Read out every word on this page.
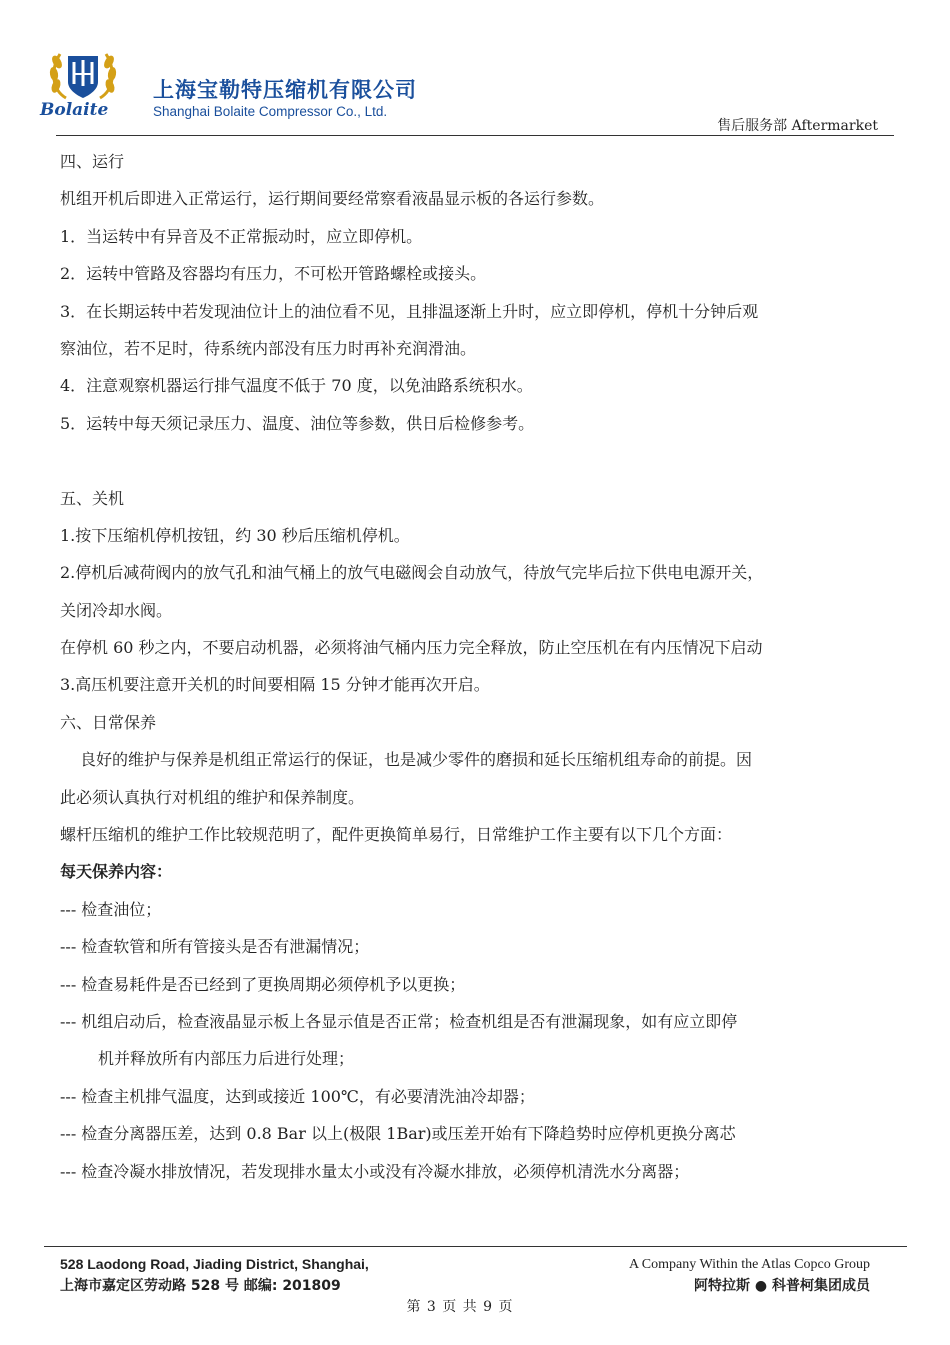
Bolaite
上海宝勒特压缩机有限公司
Shanghai Bolaite Compressor Co., Ltd.
售后服务部 Aftermarket
四、运行
机组开机后即进入正常运行，运行期间要经常察看液晶显示板的各运行参数。
1．当运转中有异音及不正常振动时，应立即停机。
2．运转中管路及容器均有压力，不可松开管路螺栓或接头。
3．在长期运转中若发现油位计上的油位看不见，且排温逐渐上升时，应立即停机，停机十分钟后观
察油位，若不足时，待系统内部没有压力时再补充润滑油。
4．注意观察机器运行排气温度不低于 70 度，以免油路系统积水。
5．运转中每天须记录压力、温度、油位等参数，供日后检修参考。
五、关机
1.按下压缩机停机按钮，约 30 秒后压缩机停机。
2.停机后减荷阀内的放气孔和油气桶上的放气电磁阀会自动放气，待放气完毕后拉下供电电源开关，
关闭冷却水阀。
在停机 60 秒之内，不要启动机器，必须将油气桶内压力完全释放，防止空压机在有内压情况下启动
3.高压机要注意开关机的时间要相隔 15 分钟才能再次开启。
六、日常保养
良好的维护与保养是机组正常运行的保证，也是减少零件的磨损和延长压缩机组寿命的前提。因
此必须认真执行对机组的维护和保养制度。
螺杆压缩机的维护工作比较规范明了，配件更换简单易行，日常维护工作主要有以下几个方面：
每天保养内容：
--- 检查油位；
--- 检查软管和所有管接头是否有泄漏情况；
--- 检查易耗件是否已经到了更换周期必须停机予以更换；
--- 机组启动后，检查液晶显示板上各显示值是否正常；检查机组是否有泄漏现象，如有应立即停
机并释放所有内部压力后进行处理；
--- 检查主机排气温度，达到或接近 100℃，有必要清洗油冷却器；
--- 检查分离器压差，达到 0.8 Bar 以上(极限 1Bar)或压差开始有下降趋势时应停机更换分离芯
--- 检查冷凝水排放情况，若发现排水量太小或没有冷凝水排放，必须停机清洗水分离器；
528 Laodong Road, Jiading District, Shanghai,
上海市嘉定区劳动路 528 号 邮编: 201809
A Company Within the Atlas Copco Group
阿特拉斯 ● 科普柯集团成员
第 3 页 共 9 页
